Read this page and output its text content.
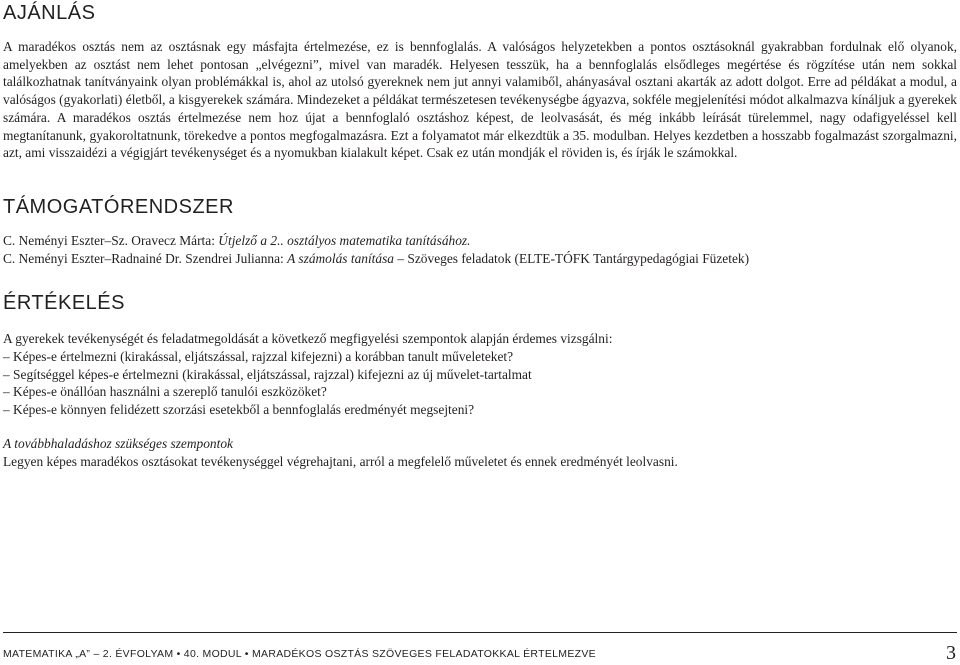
AJÁNLÁS
A maradékos osztás nem az osztásnak egy másfajta értelmezése, ez is bennfoglalás. A valóságos helyzetekben a pontos osztásoknál gyakrabban fordulnak elő olyanok, amelyekben az osztást nem lehet pontosan „elvégezni”, mivel van maradék. Helyesen tesszük, ha a bennfoglalás elsődleges megértése és rögzítése után nem sokkal találkozhatnak tanítványaink olyan problémákkal is, ahol az utolsó gyereknek nem jut annyi valamiből, ahányasával osztani akarták az adott dolgot. Erre ad példákat a modul, a valóságos (gyakorlati) életből, a kisgyerekek számára. Mindezeket a példákat természetesen tevékenységbe ágyazva, sokféle megjelenítési módot alkalmazva kínáljuk a gyerekek számára. A maradékos osztás értelmezése nem hoz újat a bennfoglaló osztáshoz képest, de leolvasását, és még inkább leírását türelemmel, nagy odafigyeléssel kell megtanítanunk, gyakoroltatnunk, törekedve a pontos megfogalmazásra. Ezt a folyamatot már elkezdtük a 35. modulban. Helyes kezdetben a hosszabb fogalmazást szorgalmazni, azt, ami visszaidézi a végigjárt tevékenységet és a nyomukban kialakult képet. Csak ez után mondják el röviden is, és írják le számokkal.
TÁMOGATÓRENDSZER
C. Neményi Eszter–Sz. Oravecz Márta: Útjelző a 2.. osztályos matematika tanításához.
C. Neményi Eszter–Radnainé Dr. Szendrei Julianna: A számolás tanítása – Szöveges feladatok (ELTE-TÓFK Tantárgypedagógiai Füzetek)
ÉRTÉKELÉS
A gyerekek tevékenységét és feladatmegoldását a következő megfigyelési szempontok alapján érdemes vizsgálni:
– Képes-e értelmezni (kirakással, eljátszással, rajzzal kifejezni) a korábban tanult műveleteket?
– Segítséggel képes-e értelmezni (kirakással, eljátszással, rajzzal) kifejezni az új művelet-tartalmat
– Képes-e önállóan használni a szereplő tanulói eszközöket?
– Képes-e könnyen felidézett szorzási esetekből a bennfoglalás eredményét megsejteni?
A továbbhaladáshoz szükséges szempontok
Legyen képes maradékos osztásokat tevékenységgel végrehajtani, arról a megfelelő műveletet és ennek eredményét leolvasni.
MATEMATIKA „A” – 2. ÉVFOLYAM • 40. MODUL • MARADÉKOS OSZTÁS SZÖVEGES FELADATOKKAL ÉRTELMEZVE	3
